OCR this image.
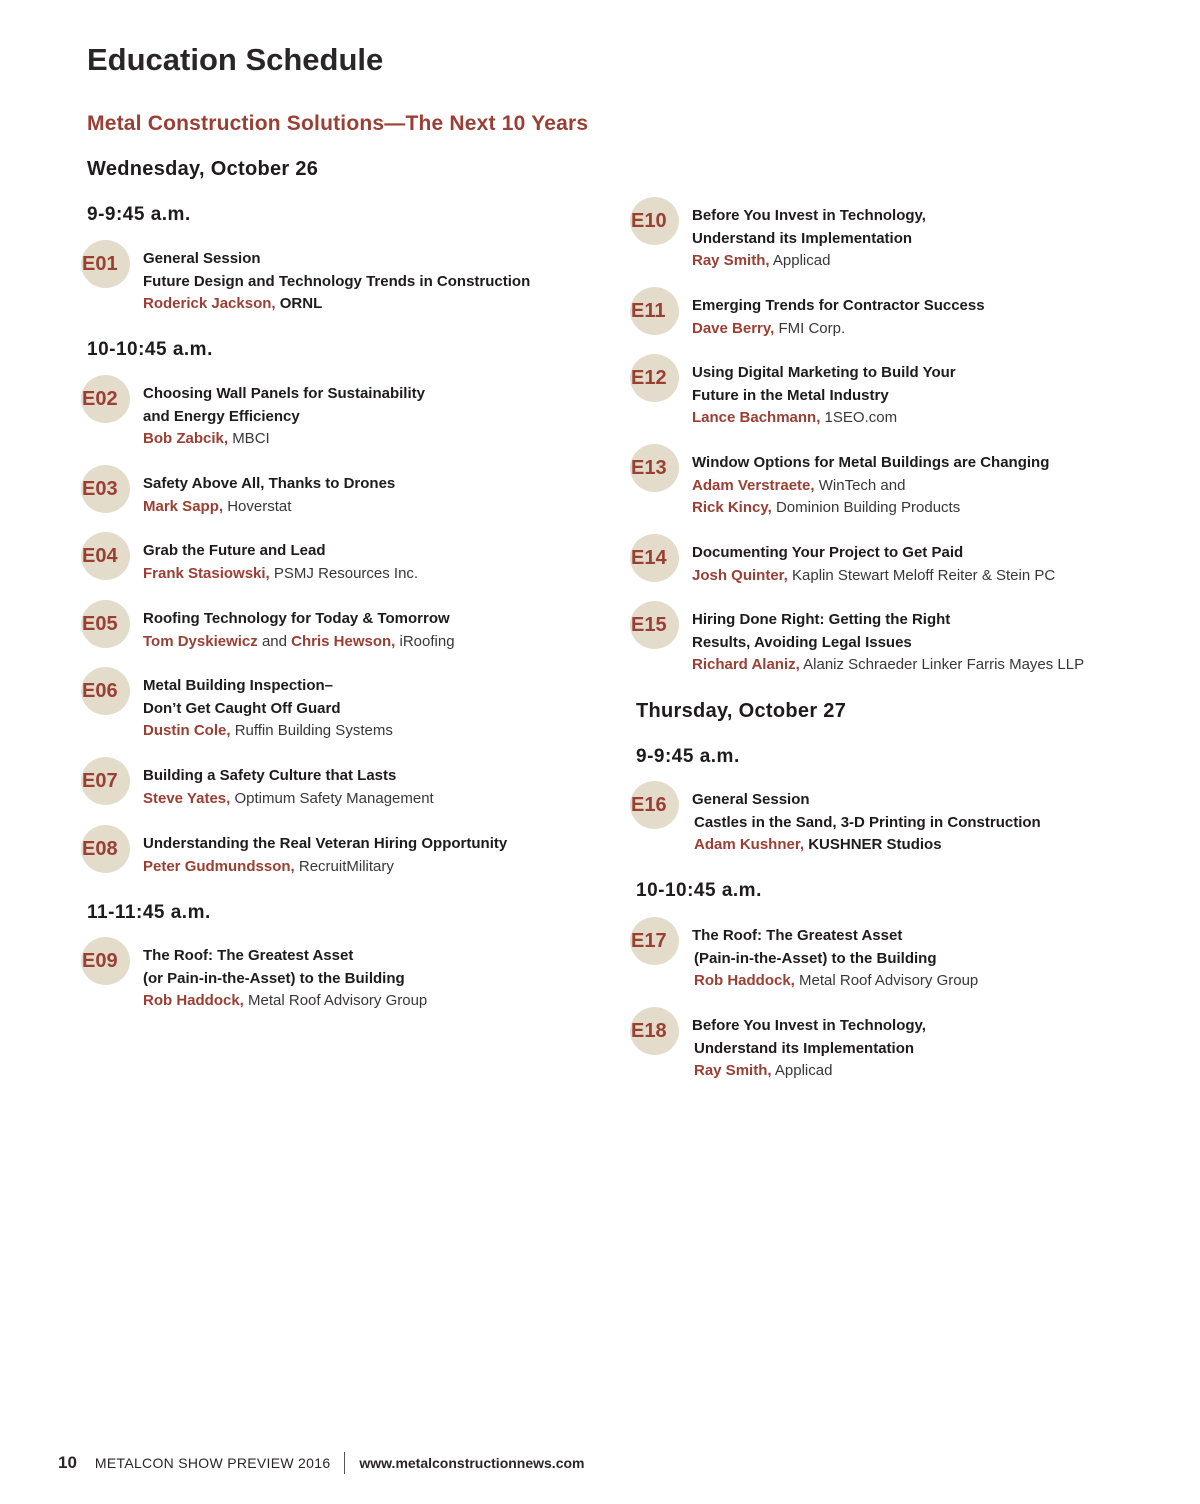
Education Schedule
Metal Construction Solutions—The Next 10 Years
Wednesday, October 26
9-9:45 a.m.
E01	General Session
Future Design and Technology Trends in Construction
Roderick Jackson, ORNL
10-10:45 a.m.
E02	Choosing Wall Panels for Sustainability
and Energy Efficiency
Bob Zabcik, MBCI
E03	Safety Above All, Thanks to Drones
Mark Sapp, Hoverstat
E04	Grab the Future and Lead
Frank Stasiowski, PSMJ Resources Inc.
E05	Roofing Technology for Today & Tomorrow
Tom Dyskiewicz and Chris Hewson, iRoofing
E06	Metal Building Inspection–
Don’t Get Caught Off Guard
Dustin Cole, Ruffin Building Systems
E07	Building a Safety Culture that Lasts
Steve Yates, Optimum Safety Management
E08	Understanding the Real Veteran Hiring Opportunity
Peter Gudmundsson, RecruitMilitary
11-11:45 a.m.
E09	The Roof: The Greatest Asset
(or Pain-in-the-Asset) to the Building
Rob Haddock, Metal Roof Advisory Group
E10	Before You Invest in Technology,
Understand its Implementation
Ray Smith, Applicad
E11	Emerging Trends for Contractor Success
Dave Berry, FMI Corp.
E12	Using Digital Marketing to Build Your
Future in the Metal Industry
Lance Bachmann, 1SEO.com
E13	Window Options for Metal Buildings are Changing
Adam Verstraete, WinTech and
Rick Kincy, Dominion Building Products
E14	Documenting Your Project to Get Paid
Josh Quinter, Kaplin Stewart Meloff Reiter & Stein PC
E15	Hiring Done Right: Getting the Right
Results, Avoiding Legal Issues
Richard Alaniz, Alaniz Schraeder Linker Farris Mayes LLP
Thursday, October 27
9-9:45 a.m.
E16	General Session
Castles in the Sand, 3-D Printing in Construction
Adam Kushner, KUSHNER Studios
10-10:45 a.m.
E17	The Roof: The Greatest Asset
(Pain-in-the-Asset) to the Building
Rob Haddock, Metal Roof Advisory Group
E18	Before You Invest in Technology,
Understand its Implementation
Ray Smith, Applicad
10 METALCON SHOW PREVIEW 2016 www.metalconstructionnews.com
